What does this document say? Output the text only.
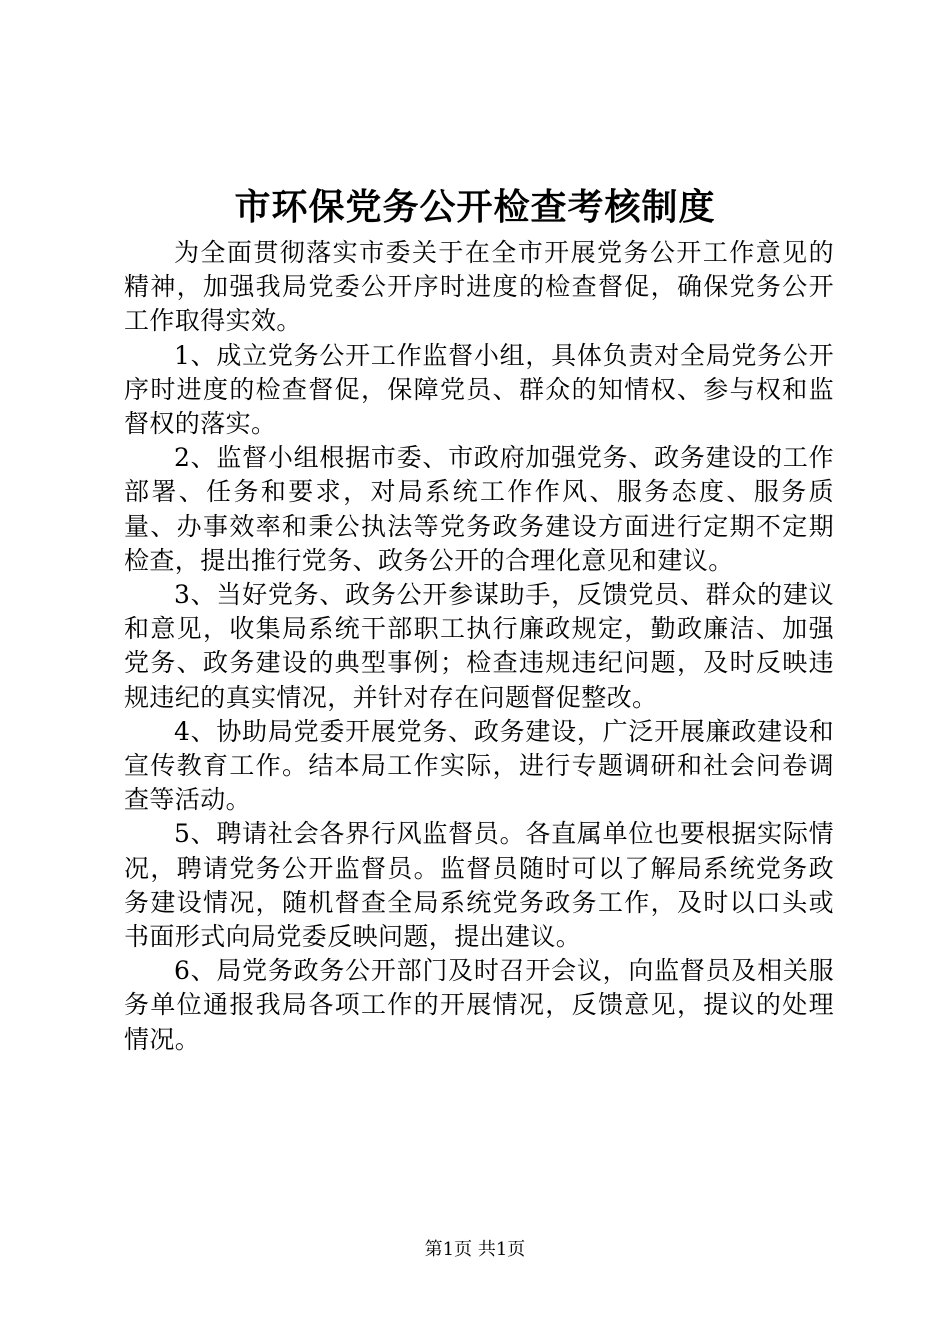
市环保党务公开检查考核制度

为全面贯彻落实市委关于在全市开展党务公开工作意见的精神，加强我局党委公开序时进度的检查督促，确保党务公开工作取得实效。

1、成立党务公开工作监督小组，具体负责对全局党务公开序时进度的检查督促，保障党员、群众的知情权、参与权和监督权的落实。

2、监督小组根据市委、市政府加强党务、政务建设的工作部署、任务和要求，对局系统工作作风、服务态度、服务质量、办事效率和秉公执法等党务政务建设方面进行定期不定期检查，提出推行党务、政务公开的合理化意见和建议。

3、当好党务、政务公开参谋助手，反馈党员、群众的建议和意见，收集局系统干部职工执行廉政规定，勤政廉洁、加强党务、政务建设的典型事例；检查违规违纪问题，及时反映违规违纪的真实情况，并针对存在问题督促整改。

4、协助局党委开展党务、政务建设，广泛开展廉政建设和宣传教育工作。结本局工作实际，进行专题调研和社会问卷调查等活动。

5、聘请社会各界行风监督员。各直属单位也要根据实际情况，聘请党务公开监督员。监督员随时可以了解局系统党务政务建设情况，随机督查全局系统党务政务工作，及时以口头或书面形式向局党委反映问题，提出建议。

6、局党务政务公开部门及时召开会议，向监督员及相关服务单位通报我局各项工作的开展情况，反馈意见，提议的处理情况。

第1页 共1页
